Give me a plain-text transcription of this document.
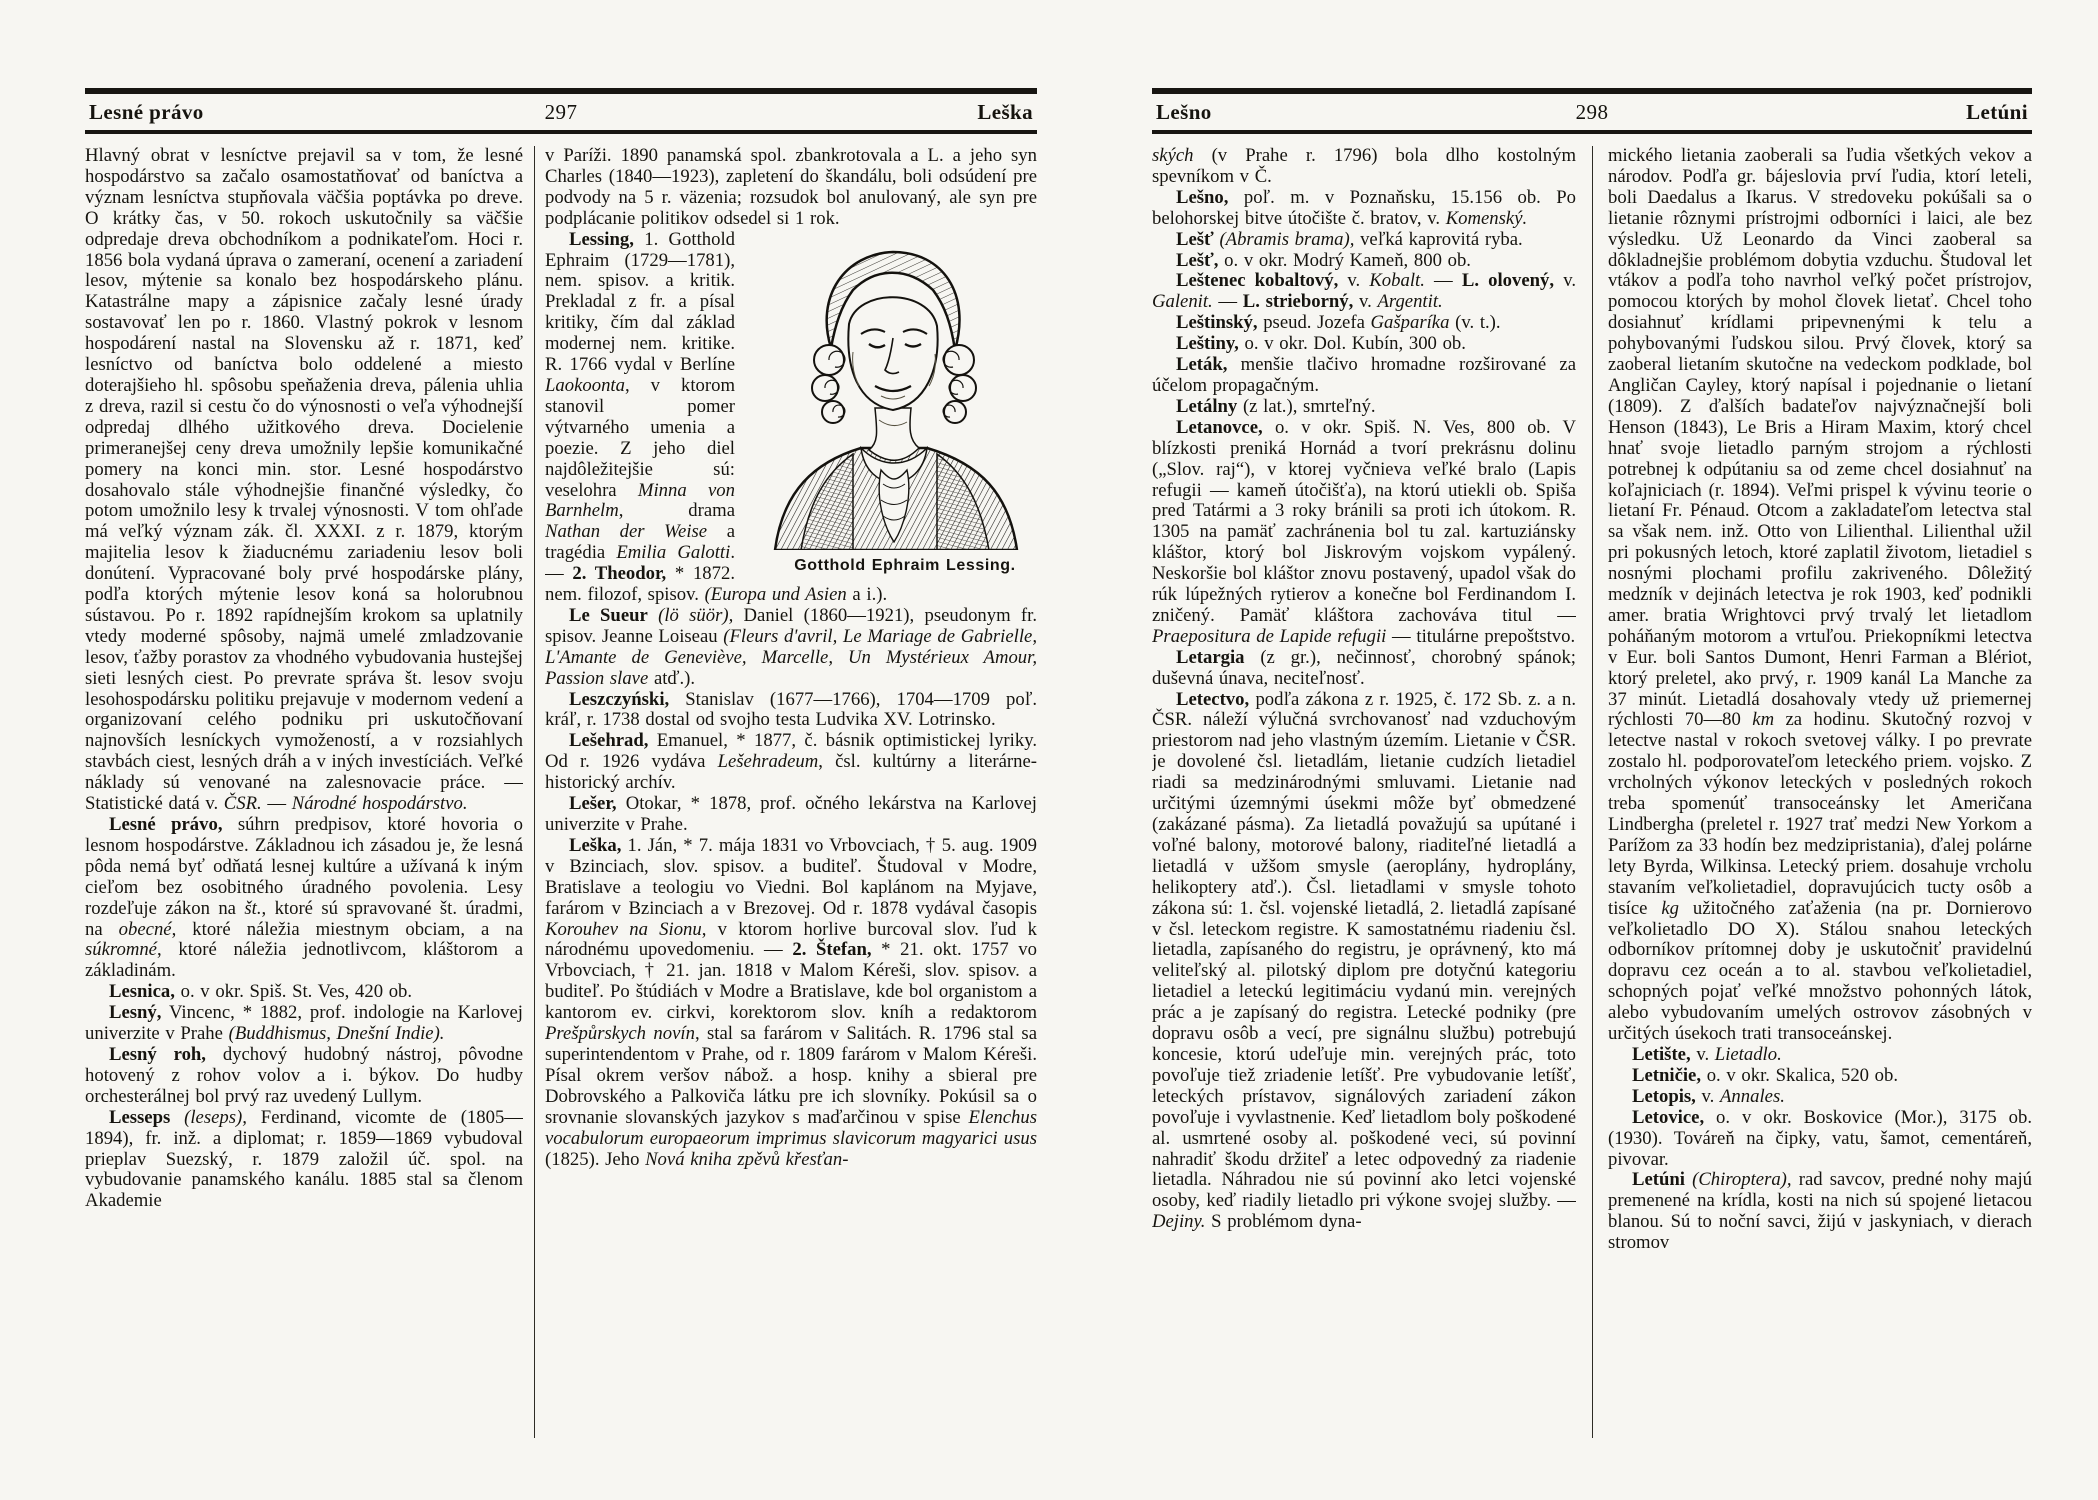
Lesné právo	297	Leška

Hlavný obrat v lesníctve prejavil sa v tom, že lesné hospodárstvo sa začalo osamostatňovať od baníctva a význam lesníctva stupňovala väčšia poptávka po dreve. O krátky čas, v 50. rokoch uskutočnily sa väčšie odpredaje dreva obchodníkom a podnikateľom. Hoci r. 1856 bola vydaná úprava o zameraní, ocenení a zariadení lesov, mýtenie sa konalo bez hospodárskeho plánu. Katastrálne mapy a zápisnice začaly lesné úrady sostavovať len po r. 1860. Vlastný pokrok v lesnom hospodárení nastal na Slovensku až r. 1871, keď lesníctvo od baníctva bolo oddelené a miesto doterajšieho hl. spôsobu speňaženia dreva, pálenia uhlia z dreva, razil si cestu čo do výnosnosti o veľa výhodnejší odpredaj dlhého užitkového dreva. Docielenie primeranejšej ceny dreva umožnily lepšie komunikačné pomery na konci min. stor. Lesné hospodárstvo dosahovalo stále výhodnejšie finančné výsledky, čo potom umožnilo lesy k trvalej výnosnosti. V tom ohľade má veľký význam zák. čl. XXXI. z r. 1879, ktorým majitelia lesov k žiaducnému zariadeniu lesov boli donútení. Vypracované boly prvé hospodárske plány, podľa ktorých mýtenie lesov koná sa holorubnou sústavou. Po r. 1892 rapídnejším krokom sa uplatnily vtedy moderné spôsoby, najmä umelé zmladzovanie lesov, ťažby porastov za vhodného vybudovania hustejšej sieti lesných ciest. Po prevrate správa št. lesov svoju lesohospodársku politiku prejavuje v modernom vedení a organizovaní celého podniku pri uskutočňovaní najnovších lesníckych vymožeností, a v rozsiahlych stavbách ciest, lesných dráh a v iných investíciách. Veľké náklady sú venované na zalesnovacie práce. — Statistické datá v. ČSR. — Národné hospodárstvo.

Lesné právo, súhrn predpisov, ktoré hovoria o lesnom hospodárstve. Základnou ich zásadou je, že lesná pôda nemá byť odňatá lesnej kultúre a užívaná k iným cieľom bez osobitného úradného povolenia. Lesy rozdeľuje zákon na št., ktoré sú spravované št. úradmi, na obecné, ktoré náležia miestnym obciam, a na súkromné, ktoré náležia jednotlivcom, kláštorom a základinám.

Lesnica, o. v okr. Spiš. St. Ves, 420 ob.

Lesný, Vincenc, * 1882, prof. indologie na Karlovej univerzite v Prahe (Buddhismus, Dnešní Indie).

Lesný roh, dychový hudobný nástroj, pôvodne hotovený z rohov volov a i. býkov. Do hudby orchesterálnej bol prvý raz uvedený Lullym.

Lesseps (leseps), Ferdinand, vicomte de (1805—1894), fr. inž. a diplomat; r. 1859—1869 vybudoval prieplav Suezský, r. 1879 založil úč. spol. na vybudovanie panamského kanálu. 1885 stal sa členom Akademie

v Paríži. 1890 panamská spol. zbankrotovala a L. a jeho syn Charles (1840—1923), zapletení do škandálu, boli odsúdení pre podvody na 5 r. väzenia; rozsudok bol anulovaný, ale syn pre podplácanie politikov odsedel si 1 rok.

Gotthold Ephraim Lessing.
Lessing, 1. Gotthold Ephraim (1729—1781), nem. spisov. a kritik. Prekladal z fr. a písal kritiky, čím dal základ modernej nem. kritike. R. 1766 vydal v Berlíne Laokoonta, v ktorom stanovil pomer výtvarného umenia a poezie. Z jeho diel najdôležitejšie sú: veselohra Minna von Barnhelm, drama Nathan der Weise a tragédia Emilia Galotti. — 2. Theodor, * 1872. nem. filozof, spisov. (Europa und Asien a i.).

Le Sueur (lö süör), Daniel (1860—1921), pseudonym fr. spisov. Jeanne Loiseau (Fleurs d'avril, Le Mariage de Gabrielle, L'Amante de Geneviève, Marcelle, Un Mystérieux Amour, Passion slave atď.).

Leszczyński, Stanislav (1677—1766), 1704—1709 poľ. kráľ, r. 1738 dostal od svojho testa Ludvika XV. Lotrinsko.

Lešehrad, Emanuel, * 1877, č. básnik optimistickej lyriky. Od r. 1926 vydáva Lešehradeum, čsl. kultúrny a literárne-historický archív.

Lešer, Otokar, * 1878, prof. očného lekárstva na Karlovej univerzite v Prahe.

Leška, 1. Ján, * 7. mája 1831 vo Vrbovciach, † 5. aug. 1909 v Bzinciach, slov. spisov. a buditeľ. Študoval v Modre, Bratislave a teologiu vo Viedni. Bol kaplánom na Myjave, farárom v Bzinciach a v Brezovej. Od r. 1878 vydával časopis Korouhev na Sionu, v ktorom horlive burcoval slov. ľud k národnému upovedomeniu. — 2. Štefan, * 21. okt. 1757 vo Vrbovciach, † 21. jan. 1818 v Malom Kéreši, slov. spisov. a buditeľ. Po štúdiách v Modre a Bratislave, kde bol organistom a kantorom ev. cirkvi, korektorom slov. kníh a redaktorom Prešpůrskych novín, stal sa farárom v Salitách. R. 1796 stal sa superintendentom v Prahe, od r. 1809 farárom v Malom Kéreši. Písal okrem veršov nábož. a hosp. knihy a sbieral pre Dobrovského a Palkoviča látku pre ich slovníky. Pokúsil sa o srovnanie slovanských jazykov s maďarčinou v spise Elenchus vocabulorum europaeorum imprimus slavicorum magyarici usus (1825). Jeho Nová kniha zpěvů křesťan-

Lešno	298	Letúni

ských (v Prahe r. 1796) bola dlho kostolným spevníkom v Č.

Lešno, poľ. m. v Poznaňsku, 15.156 ob. Po belohorskej bitve útočište č. bratov, v. Komenský.

Lešť (Abramis brama), veľká kaprovitá ryba.

Lešť, o. v okr. Modrý Kameň, 800 ob.

Leštenec kobaltový, v. Kobalt. — L. olovený, v. Galenit. — L. strieborný, v. Argentit.

Leštinský, pseud. Jozefa Gašparíka (v. t.).

Leštiny, o. v okr. Dol. Kubín, 300 ob.

Leták, menšie tlačivo hromadne rozširované za účelom propagačným.

Letálny (z lat.), smrteľný.

Letanovce, o. v okr. Spiš. N. Ves, 800 ob. V blízkosti preniká Hornád a tvorí prekrásnu dolinu („Slov. raj“), v ktorej vyčnieva veľké bralo (Lapis refugii — kameň útočišťa), na ktorú utiekli ob. Spiša pred Tatármi a 3 roky bránili sa proti ich útokom. R. 1305 na pamäť zachránenia bol tu zal. kartuziánsky kláštor, ktorý bol Jiskrovým vojskom vypálený. Neskoršie bol kláštor znovu postavený, upadol však do rúk lúpežných rytierov a konečne bol Ferdinandom I. zničený. Pamäť kláštora zachováva titul — Praepositura de Lapide refugii — titulárne prepoštstvo.

Letargia (z gr.), nečinnosť, chorobný spánok; duševná únava, neciteľnosť.

Letectvo, podľa zákona z r. 1925, č. 172 Sb. z. a n. ČSR. náleží výlučná svrchovanosť nad vzduchovým priestorom nad jeho vlastným územím. Lietanie v ČSR. je dovolené čsl. lietadlám, lietanie cudzích lietadiel riadi sa medzinárodnými smluvami. Lietanie nad určitými územnými úsekmi môže byť obmedzené (zakázané pásma). Za lietadlá považujú sa upútané i voľné balony, motorové balony, riaditeľné lietadlá a lietadlá v užšom smysle (aeroplány, hydroplány, helikoptery atď.). Čsl. lietadlami v smysle tohoto zákona sú: 1. čsl. vojenské lietadlá, 2. lietadlá zapísané v čsl. leteckom registre. K samostatnému riadeniu čsl. lietadla, zapísaného do registru, je oprávnený, kto má veliteľský al. pilotský diplom pre dotyčnú kategoriu lietadiel a leteckú legitimáciu vydanú min. verejných prác a je zapísaný do registra. Letecké podniky (pre dopravu osôb a vecí, pre signálnu službu) potrebujú koncesie, ktorú udeľuje min. verejných prác, toto povoľuje tiež zriadenie letíšť. Pre vybudovanie letíšť, leteckých prístavov, signálových zariadení zákon povoľuje i vyvlastnenie. Keď lietadlom boly poškodené al. usmrtené osoby al. poškodené veci, sú povinní nahradiť škodu držiteľ a letec odpovedný za riadenie lietadla. Náhradou nie sú povinní ako letci vojenské osoby, keď riadily lietadlo pri výkone svojej služby. — Dejiny. S problémom dyna-

mického lietania zaoberali sa ľudia všetkých vekov a národov. Podľa gr. bájeslovia prví ľudia, ktorí leteli, boli Daedalus a Ikarus. V stredoveku pokúšali sa o lietanie rôznymi prístrojmi odborníci i laici, ale bez výsledku. Už Leonardo da Vinci zaoberal sa dôkladnejšie problémom dobytia vzduchu. Študoval let vtákov a podľa toho navrhol veľký počet prístrojov, pomocou ktorých by mohol človek lietať. Chcel toho dosiahnuť krídlami pripevnenými k telu a pohybovanými ľudskou silou. Prvý človek, ktorý sa zaoberal lietaním skutočne na vedeckom podklade, bol Angličan Cayley, ktorý napísal i pojednanie o lietaní (1809). Z ďalších badateľov najvýznačnejší boli Henson (1843), Le Bris a Hiram Maxim, ktorý chcel hnať svoje lietadlo parným strojom a rýchlosti potrebnej k odpútaniu sa od zeme chcel dosiahnuť na koľajniciach (r. 1894). Veľmi prispel k vývinu teorie o lietaní Fr. Pénaud. Otcom a zakladateľom letectva stal sa však nem. inž. Otto von Lilienthal. Lilienthal užil pri pokusných letoch, ktoré zaplatil životom, lietadiel s nosnými plochami profilu zakriveného. Dôležitý medzník v dejinách letectva je rok 1903, keď podnikli amer. bratia Wrightovci prvý trvalý let lietadlom poháňaným motorom a vrtuľou. Priekopníkmi letectva v Eur. boli Santos Dumont, Henri Farman a Blériot, ktorý preletel, ako prvý, r. 1909 kanál La Manche za 37 minút. Lietadlá dosahovaly vtedy už priemernej rýchlosti 70—80 km za hodinu. Skutočný rozvoj v letectve nastal v rokoch svetovej války. I po prevrate zostalo hl. podporovateľom leteckého priem. vojsko. Z vrcholných výkonov leteckých v posledných rokoch treba spomenúť transoceánsky let Američana Lindbergha (preletel r. 1927 trať medzi New Yorkom a Parížom za 33 hodín bez medzipristania), ďalej polárne lety Byrda, Wilkinsa. Letecký priem. dosahuje vrcholu stavaním veľkolietadiel, dopravujúcich tucty osôb a tisíce kg užitočného zaťaženia (na pr. Dornierovo veľkolietadlo DO X). Stálou snahou leteckých odborníkov prítomnej doby je uskutočniť pravidelnú dopravu cez oceán a to al. stavbou veľkolietadiel, schopných pojať veľké množstvo pohonných látok, alebo vybudovaním umelých ostrovov zásobných v určitých úsekoch trati transoceánskej.

Letište, v. Lietadlo.

Letničie, o. v okr. Skalica, 520 ob.

Letopis, v. Annales.

Letovice, o. v okr. Boskovice (Mor.), 3175 ob. (1930). Továreň na čipky, vatu, šamot, cementáreň, pivovar.

Letúni (Chiroptera), rad savcov, predné nohy majú premenené na krídla, kosti na nich sú spojené lietacou blanou. Sú to noční savci, žijú v jaskyniach, v dierach stromov
